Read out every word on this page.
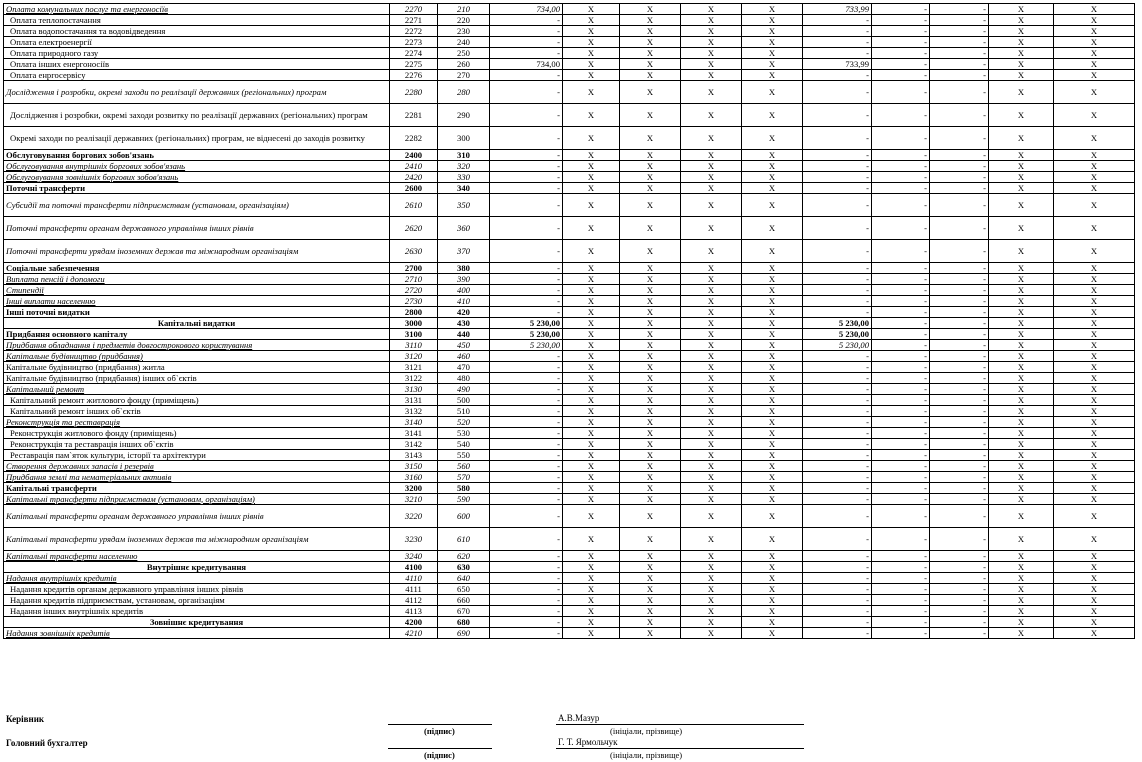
Оплата комунальних послуг та енергоносіїв	2270	210	734,00	Х	Х	Х	Х	733,99	-	-	Х	Х
Оплата теплопостачання	2271	220	-	Х	Х	Х	Х	-	-	-	Х	Х
Оплата водопостачання та водовідведення	2272	230	-	Х	Х	Х	Х	-	-	-	Х	Х
Оплата електроенергії	2273	240	-	Х	Х	Х	Х	-	-	-	Х	Х
Оплата природного газу	2274	250	-	Х	Х	Х	Х	-	-	-	Х	Х
Оплата інших енергоносіїв	2275	260	734,00	Х	Х	Х	Х	733,99	-	-	Х	Х
Оплата енргосервісу	2276	270	-	Х	Х	Х	Х	-	-	-	Х	Х
Дослідження і розробки, окремі заходи по реалізації державних (регіональних) програм	2280	280	-	Х	Х	Х	Х	-	-	-	Х	Х
Дослідження і розробки, окремі заходи розвитку по реалізації державних (регіональних) програм	2281	290	-	Х	Х	Х	Х	-	-	-	Х	Х
Окремі заходи по реалізації державних (регіональних) програм, не віднесені до заходів розвитку	2282	300	-	Х	Х	Х	Х	-	-	-	Х	Х
Обслуговування боргових зобов'язань	2400	310	-	Х	Х	Х	Х	-	-	-	Х	Х
Обслуговування внутрішніх боргових зобов'язань	2410	320	-	Х	Х	Х	Х	-	-	-	Х	Х
Обслуговування зовнішніх боргових зобов'язань	2420	330	-	Х	Х	Х	Х	-	-	-	Х	Х
Поточні трансферти	2600	340	-	Х	Х	Х	Х	-	-	-	Х	Х
Субсидії та поточні трансферти підприємствам (установам, організаціям)	2610	350	-	Х	Х	Х	Х	-	-	-	Х	Х
Поточні трансферти органам державного управління інших рівнів	2620	360	-	Х	Х	Х	Х	-	-	-	Х	Х
Поточні трансферти урядам іноземних держав та міжнародним організаціям	2630	370	-	Х	Х	Х	Х	-	-	-	Х	Х
Соціальне забезпечення	2700	380	-	Х	Х	Х	Х	-	-	-	Х	Х
Виплата пенсій і допомоги	2710	390	-	Х	Х	Х	Х	-	-	-	Х	Х
Стипендії	2720	400	-	Х	Х	Х	Х	-	-	-	Х	Х
Інші виплати населенню	2730	410	-	Х	Х	Х	Х	-	-	-	Х	Х
Інші поточні видатки	2800	420	-	Х	Х	Х	Х	-	-	-	Х	Х
Капітальні видатки	3000	430	5 230,00	Х	Х	Х	Х	5 230,00	-	-	Х	Х
Придбання основного капіталу	3100	440	5 230,00	Х	Х	Х	Х	5 230,00	-	-	Х	Х
Придбання обладнання і предметів довгострокового користування	3110	450	5 230,00	Х	Х	Х	Х	5 230,00	-	-	Х	Х
Капітальне будівництво (придбання)	3120	460	-	Х	Х	Х	Х	-	-	-	Х	Х
Капітальне будівництво (придбання) житла	3121	470	-	Х	Х	Х	Х	-	-	-	Х	Х
Капітальне будівництво (придбання) інших об`єктів	3122	480	-	Х	Х	Х	Х	-	-	-	Х	Х
Капітальний ремонт	3130	490	-	Х	Х	Х	Х	-	-	-	Х	Х
Капітальний ремонт житлового фонду (приміщень)	3131	500	-	Х	Х	Х	Х	-	-	-	Х	Х
Капітальний ремонт інших об`єктів	3132	510	-	Х	Х	Х	Х	-	-	-	Х	Х
Реконструкція та реставрація	3140	520	-	Х	Х	Х	Х	-	-	-	Х	Х
Реконструкція житлового фонду (приміщень)	3141	530	-	Х	Х	Х	Х	-	-	-	Х	Х
Реконструкція та реставрація інших об`єктів	3142	540	-	Х	Х	Х	Х	-	-	-	Х	Х
Реставрація пам`яток культури, історії та архітектури	3143	550	-	Х	Х	Х	Х	-	-	-	Х	Х
Створення державних запасів і резервів	3150	560	-	Х	Х	Х	Х	-	-	-	Х	Х
Придбання землі та нематеріальних активів	3160	570	-	Х	Х	Х	Х	-	-	-	Х	Х
Капітальні трансферти	3200	580	-	Х	Х	Х	Х	-	-	-	Х	Х
Капітальні трансферти підприємствам (установам, організаціям)	3210	590	-	Х	Х	Х	Х	-	-	-	Х	Х
Капітальні трансферти органам державного управління інших рівнів	3220	600	-	Х	Х	Х	Х	-	-	-	Х	Х
Капітальні трансферти урядам іноземних держав та міжнародним організаціям	3230	610	-	Х	Х	Х	Х	-	-	-	Х	Х
Капітальні трансферти населенню	3240	620	-	Х	Х	Х	Х	-	-	-	Х	Х
Внутрішнє кредитування	4100	630	-	Х	Х	Х	Х	-	-	-	Х	Х
Надання внутрішніх кредитів	4110	640	-	Х	Х	Х	Х	-	-	-	Х	Х
Надання кредитів органам державного управління інших рівнів	4111	650	-	Х	Х	Х	Х	-	-	-	Х	Х
Надання кредитів підприємствам, установам, організаціям	4112	660	-	Х	Х	Х	Х	-	-	-	Х	Х
Надання інших внутрішніх кредитів	4113	670	-	Х	Х	Х	Х	-	-	-	Х	Х
Зовнішнє кредитування	4200	680	-	Х	Х	Х	Х	-	-	-	Х	Х
Надання зовнішніх кредитів	4210	690	-	Х	Х	Х	Х	-	-	-	Х	Х
Керівник
(підпис)
А.В.Мазур
(ініціали, прізвище)
Головний бухгалтер
(підпис)
Г. Т. Ярмольчук
(ініціали, прізвище)
